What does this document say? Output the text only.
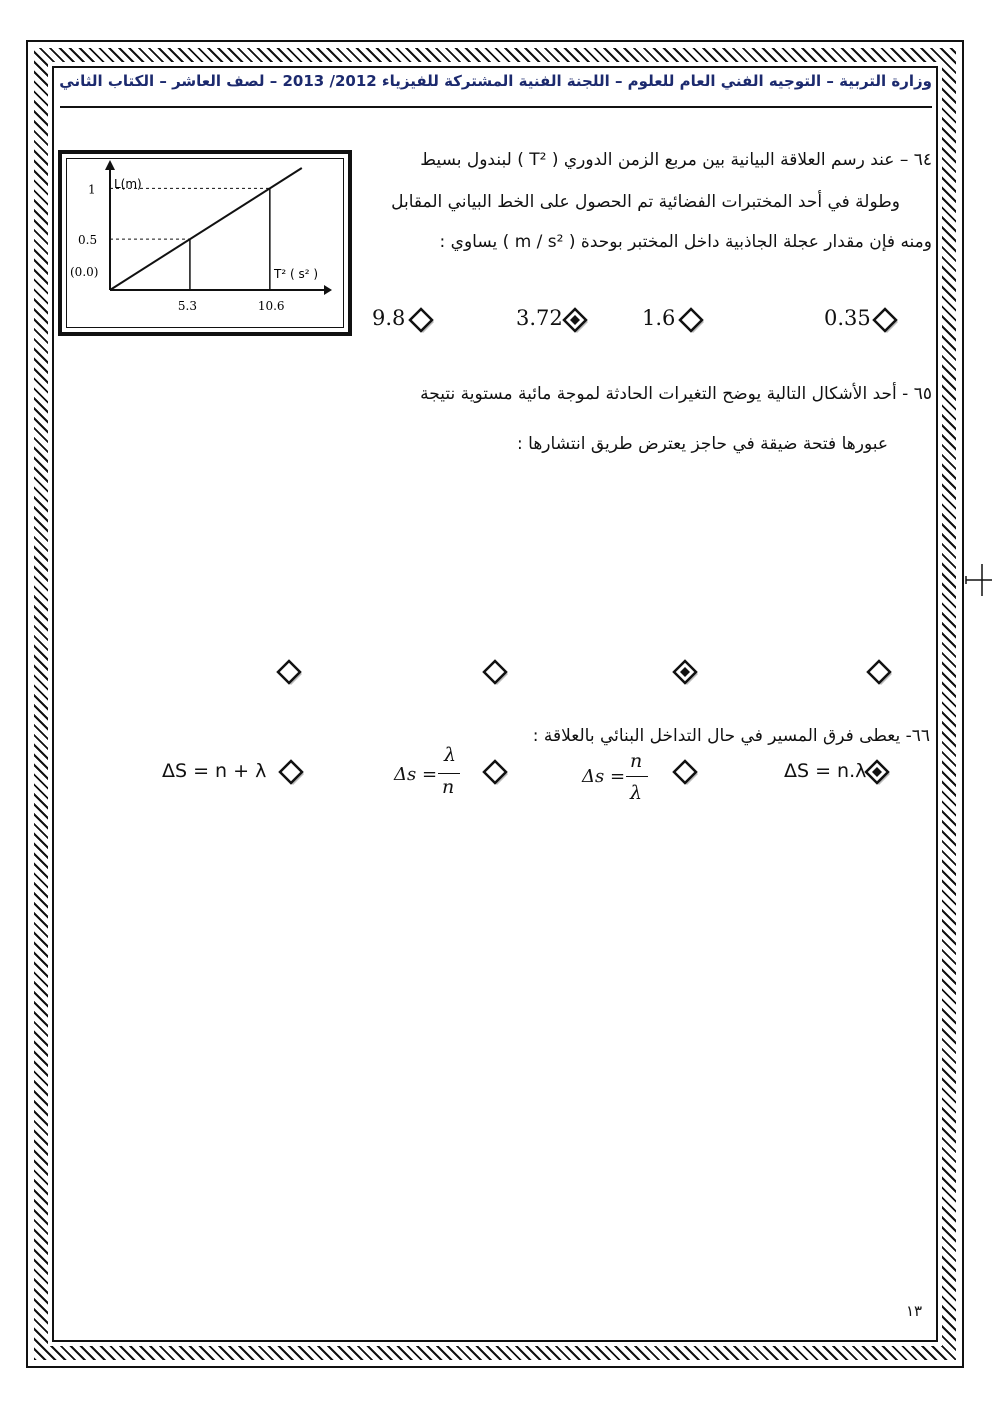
وزارة التربية – التوجيه الفني العام للعلوم – اللجنة الفنية المشتركة للفيزياء 2012/ 2013 – لصف العاشر – الكتاب الثاني
٦٤ – عند رسم العلاقة البيانية بين مربع الزمن الدوري ( T² ) لبندول بسيط
وطولة في أحد المختبرات الفضائية تم الحصول على الخط البياني المقابل
ومنه فإن مقدار عجلة الجاذبية داخل المختبر بوحدة ( m / s² ) يساوي :
5.3	10.6
0.5
1 L(m)
T² ( s² )
(0.0)
9.8	3.72	1.6	0.35
٦٥ - أحد الأشكال التالية يوضح التغيرات الحادثة لموجة مائية مستوية نتيجة
عبورها فتحة ضيقة في حاجز يعترض طريق انتشارها :
٦٦- يعطى فرق المسير في حال التداخل البنائي بالعلاقة :
ΔS = n + λ	Δs =
λ
n	Δs =
n
λ
ΔS = n.λ
١٣
